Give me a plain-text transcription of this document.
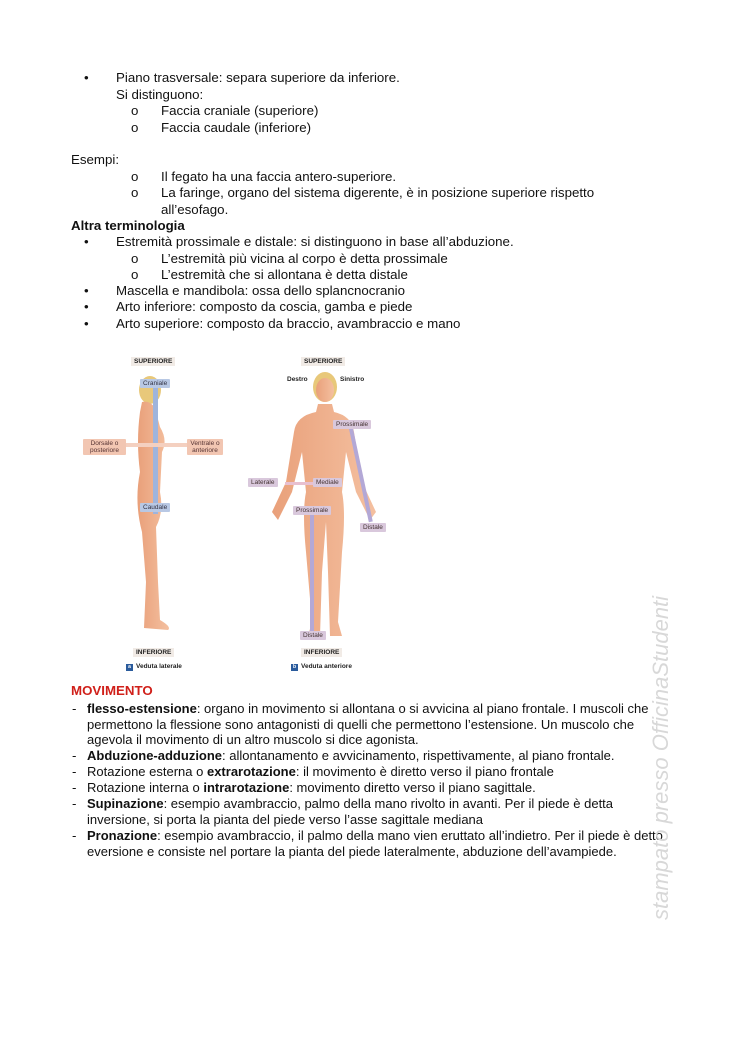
• Piano trasversale: separa superiore da inferiore.
Si distinguono:
o Faccia craniale (superiore)
o Faccia caudale (inferiore)
Esempi:
o Il fegato ha una faccia antero-superiore.
o La faringe, organo del sistema digerente, è in posizione superiore rispetto
all’esofago.
Altra terminologia
• Estremità prossimale e distale: si distinguono in base all’abduzione.
o L’estremità più vicina al corpo è detta prossimale
o L’estremità che si allontana è detta distale
• Mascella e mandibola: ossa dello splancnocranio
• Arto inferiore: composto da coscia, gamba e piede
• Arto superiore: composto da braccio, avambraccio e mano
SUPERIORE	SUPERIORE
Craniale
Caudale
Dorsale o posteriore
Ventrale o anteriore
Destro	Sinistro
Prossimale
Laterale	Mediale
Prossimale
Distale
Distale
INFERIORE	INFERIORE
a Veduta laterale	b Veduta anteriore
MOVIMENTO
- flesso-estensione: organo in movimento si allontana o si avvicina al piano frontale. I muscoli che permettono la flessione sono antagonisti di quelli che permettono l’estensione. Un muscolo che agevola il movimento di un altro muscolo si dice agonista.
- Abduzione-adduzione: allontanamento e avvicinamento, rispettivamente, al piano frontale.
- Rotazione esterna o extrarotazione: il movimento è diretto verso il piano frontale
- Rotazione interna o intrarotazione: movimento diretto verso il piano sagittale.
- Supinazione: esempio avambraccio, palmo della mano rivolto in avanti. Per il piede è detta inversione, si porta la pianta del piede verso l’asse sagittale mediana
- Pronazione: esempio avambraccio, il palmo della mano vien eruttato all’indietro. Per il piede è detto eversione e consiste nel portare la pianta del piede lateralmente, abduzione dell’avampiede.	stampato presso OfficinaStudenti
